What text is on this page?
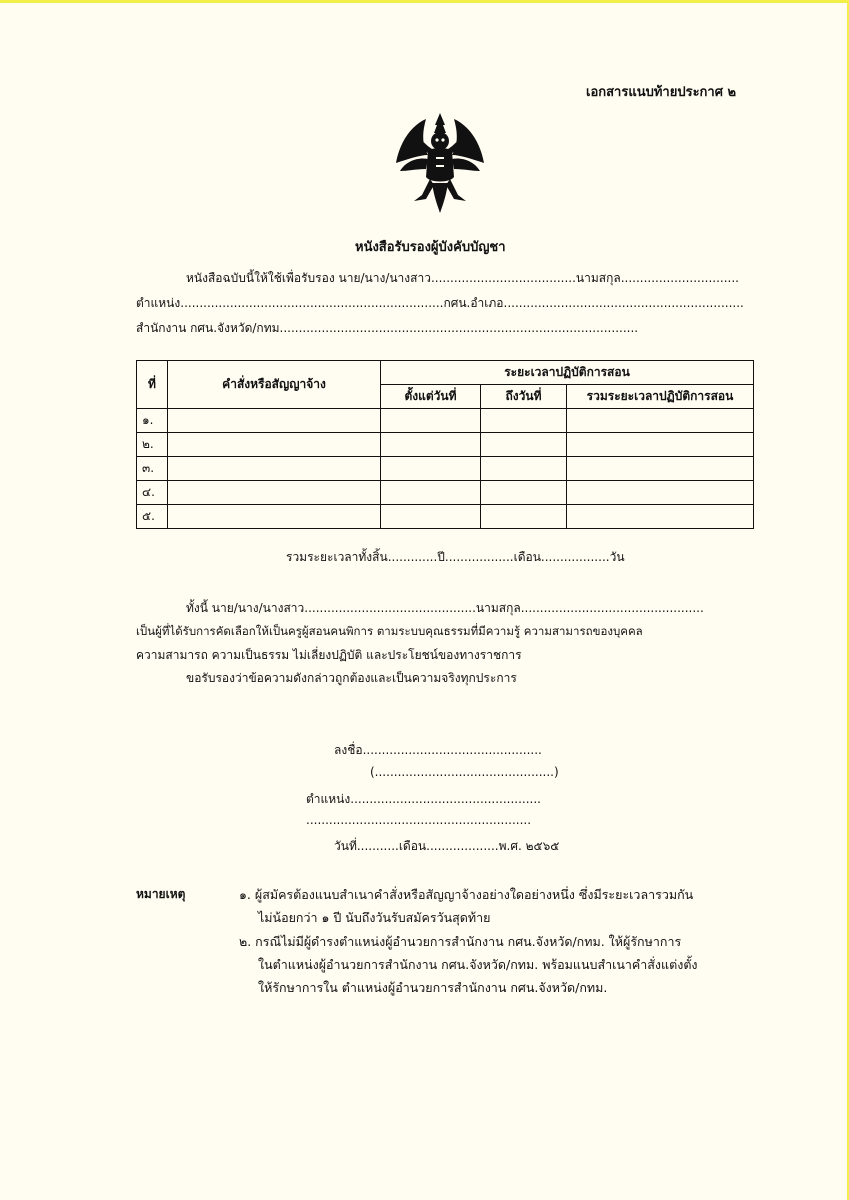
เอกสารแนบท้ายประกาศ ๒
หนังสือรับรองผู้บังคับบัญชา
หนังสือฉบับนี้ให้ใช้เพื่อรับรอง นาย/นาง/นางสาว......................................นามสกุล...............................
ตำแหน่ง.....................................................................กศน.อำเภอ...............................................................
สำนักงาน กศน.จังหวัด/กทม..............................................................................................
ที่	คำสั่งหรือสัญญาจ้าง	ระยะเวลาปฏิบัติการสอน		
		ตั้งแต่วันที่	ถึงวันที่	รวมระยะเวลาปฏิบัติการสอน
๑.				
๒.				
๓.				
๔.				
๕.				
รวมระยะเวลาทั้งสิ้น.............ปี..................เดือน..................วัน
ทั้งนี้ นาย/นาง/นางสาว.............................................นามสกุล................................................
เป็นผู้ที่ได้รับการคัดเลือกให้เป็นครูผู้สอนคนพิการ ตามระบบคุณธรรมที่มีความรู้ ความสามารถของบุคคล
ความสามารถ ความเป็นธรรม ไม่เลี่ยงปฏิบัติ และประโยชน์ของทางราชการ
ขอรับรองว่าข้อความดังกล่าวถูกต้องและเป็นความจริงทุกประการ
ลงชื่อ...............................................
(...............................................)
ตำแหน่ง..................................................
...........................................................
วันที่...........เดือน...................พ.ศ. ๒๕๖๕
หมายเหตุ	๑. ผู้สมัครต้องแนบสำเนาคำสั่งหรือสัญญาจ้างอย่างใดอย่างหนึ่ง ซึ่งมีระยะเวลารวมกัน
ไม่น้อยกว่า ๑ ปี นับถึงวันรับสมัครวันสุดท้าย
๒. กรณีไม่มีผู้ดำรงตำแหน่งผู้อำนวยการสำนักงาน กศน.จังหวัด/กทม. ให้ผู้รักษาการ
ในตำแหน่งผู้อำนวยการสำนักงาน กศน.จังหวัด/กทม. พร้อมแนบสำเนาคำสั่งแต่งตั้ง
ให้รักษาการใน ตำแหน่งผู้อำนวยการสำนักงาน กศน.จังหวัด/กทม.
